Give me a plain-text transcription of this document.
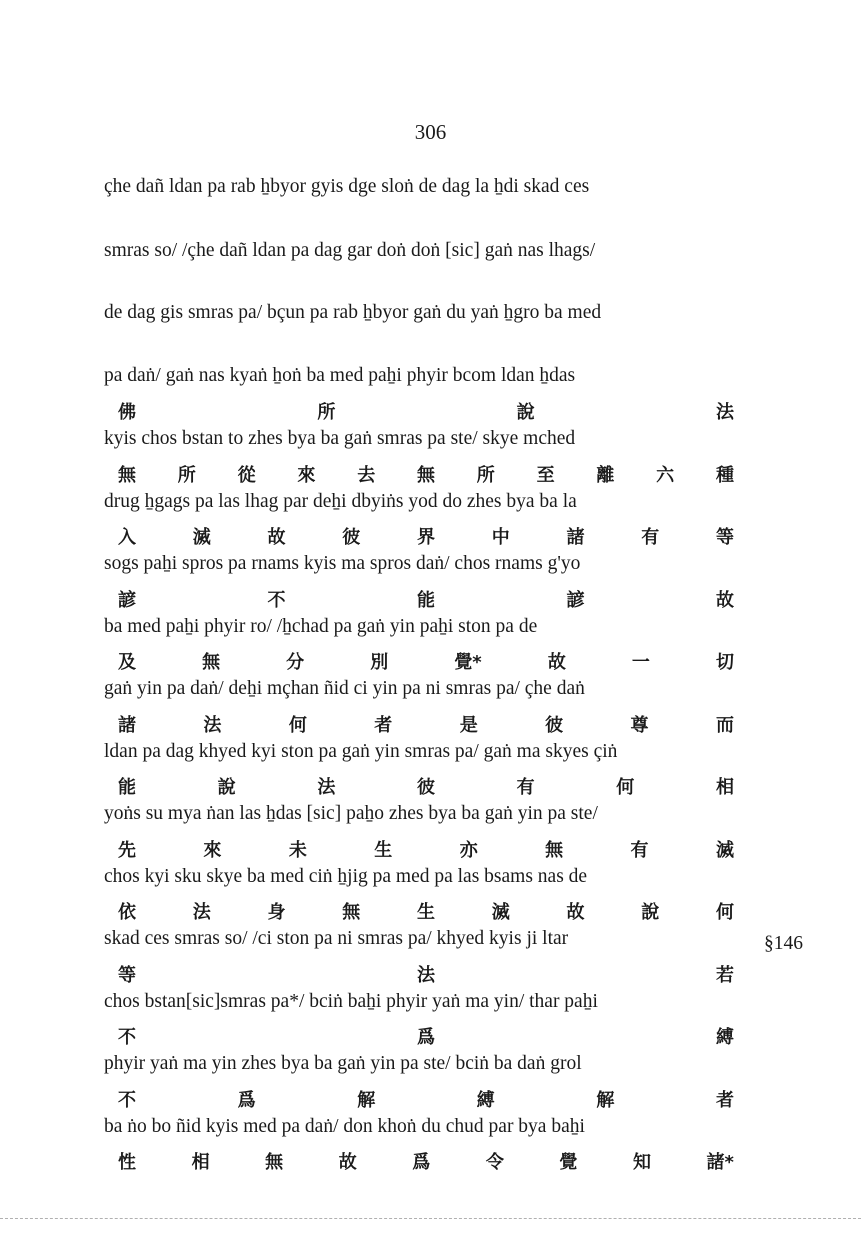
306
çhe dañ ldan pa rab ẖbyor gyis dge sloṅ de dag la ẖdi skad ces
smras so/ /çhe dañ ldan pa dag gar doṅ doṅ [sic] gaṅ nas lhags/
de dag gis smras pa/ bçun pa rab ẖbyor gaṅ du yaṅ ẖgro ba med
pa daṅ/ gaṅ nas kyaṅ ẖoṅ ba med paẖi phyir bcom ldan ẖdas
佛	所	說	法
kyis chos bstan to zhes bya ba gaṅ smras pa ste/ skye mched
無 所 從 來 去 無 所 至 離 六 種
drug ẖgags pa las lhag par deẖi dbyiṅs yod do zhes bya ba la
入	滅	故	彼	界	中	諸	有	等
sogs paẖi spros pa rnams kyis ma spros daṅ/ chos rnams g'yo
諺	不	能	諺	故
ba med paẖi phyir ro/ /ẖchad pa gaṅ yin paẖi ston pa de
及	無	分	別	覺*	故	一	切
gaṅ yin pa daṅ/ deẖi mçhan ñid ci yin pa ni smras pa/ çhe daṅ
諸	法	何	者	是	彼	尊	而
ldan pa dag khyed kyi ston pa gaṅ yin smras pa/ gaṅ ma skyes çiṅ
能	說	法	彼	有	何	相
yoṅs su mya ṅan las ẖdas [sic] paẖo zhes bya ba gaṅ yin pa ste/
先	來	未	生	亦	無	有	滅
chos kyi sku skye ba med ciṅ ẖjig pa med pa las bsams nas de
依	法	身	無	生	滅	故	說	何
skad ces smras so/ /ci ston pa ni smras pa/ khyed kyis ji ltar
等	法	若
chos bstan[sic]smras pa*/ bciṅ baẖi phyir yaṅ ma yin/ thar paẖi
不	爲	縛
phyir yaṅ ma yin zhes bya ba gaṅ yin pa ste/ bciṅ ba daṅ grol
不	爲	解	縛	解	者
ba ṅo bo ñid kyis med pa daṅ/ don khoṅ du chud par bya baẖi
性	相	無	故	爲	令	覺	知	諸*
§146
